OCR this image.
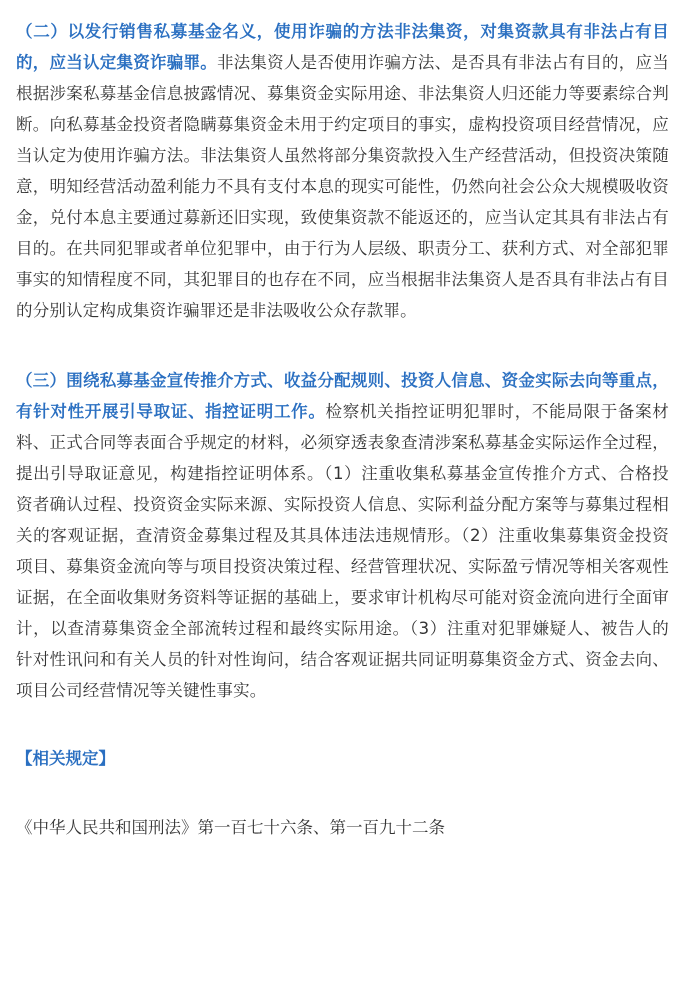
（二）以发行销售私募基金名义，使用诈骗的方法非法集资，对集资款具有非法占有目的，应当认定集资诈骗罪。非法集资人是否使用诈骗方法、是否具有非法占有目的，应当根据涉案私募基金信息披露情况、募集资金实际用途、非法集资人归还能力等要素综合判断。向私募基金投资者隐瞒募集资金未用于约定项目的事实，虚构投资项目经营情况，应当认定为使用诈骗方法。非法集资人虽然将部分集资款投入生产经营活动，但投资决策随意，明知经营活动盈利能力不具有支付本息的现实可能性，仍然向社会公众大规模吸收资金，兑付本息主要通过募新还旧实现，致使集资款不能返还的，应当认定其具有非法占有目的。在共同犯罪或者单位犯罪中，由于行为人层级、职责分工、获利方式、对全部犯罪事实的知情程度不同，其犯罪目的也存在不同，应当根据非法集资人是否具有非法占有目的分别认定构成集资诈骗罪还是非法吸收公众存款罪。

（三）围绕私募基金宣传推介方式、收益分配规则、投资人信息、资金实际去向等重点，有针对性开展引导取证、指控证明工作。检察机关指控证明犯罪时，不能局限于备案材料、正式合同等表面合乎规定的材料，必须穿透表象查清涉案私募基金实际运作全过程，提出引导取证意见，构建指控证明体系。（1）注重收集私募基金宣传推介方式、合格投资者确认过程、投资资金实际来源、实际投资人信息、实际利益分配方案等与募集过程相关的客观证据，查清资金募集过程及其具体违法违规情形。（2）注重收集募集资金投资项目、募集资金流向等与项目投资决策过程、经营管理状况、实际盈亏情况等相关客观性证据，在全面收集财务资料等证据的基础上，要求审计机构尽可能对资金流向进行全面审计，以查清募集资金全部流转过程和最终实际用途。（3）注重对犯罪嫌疑人、被告人的针对性讯问和有关人员的针对性询问，结合客观证据共同证明募集资金方式、资金去向、项目公司经营情况等关键性事实。

【相关规定】

《中华人民共和国刑法》第一百七十六条、第一百九十二条
